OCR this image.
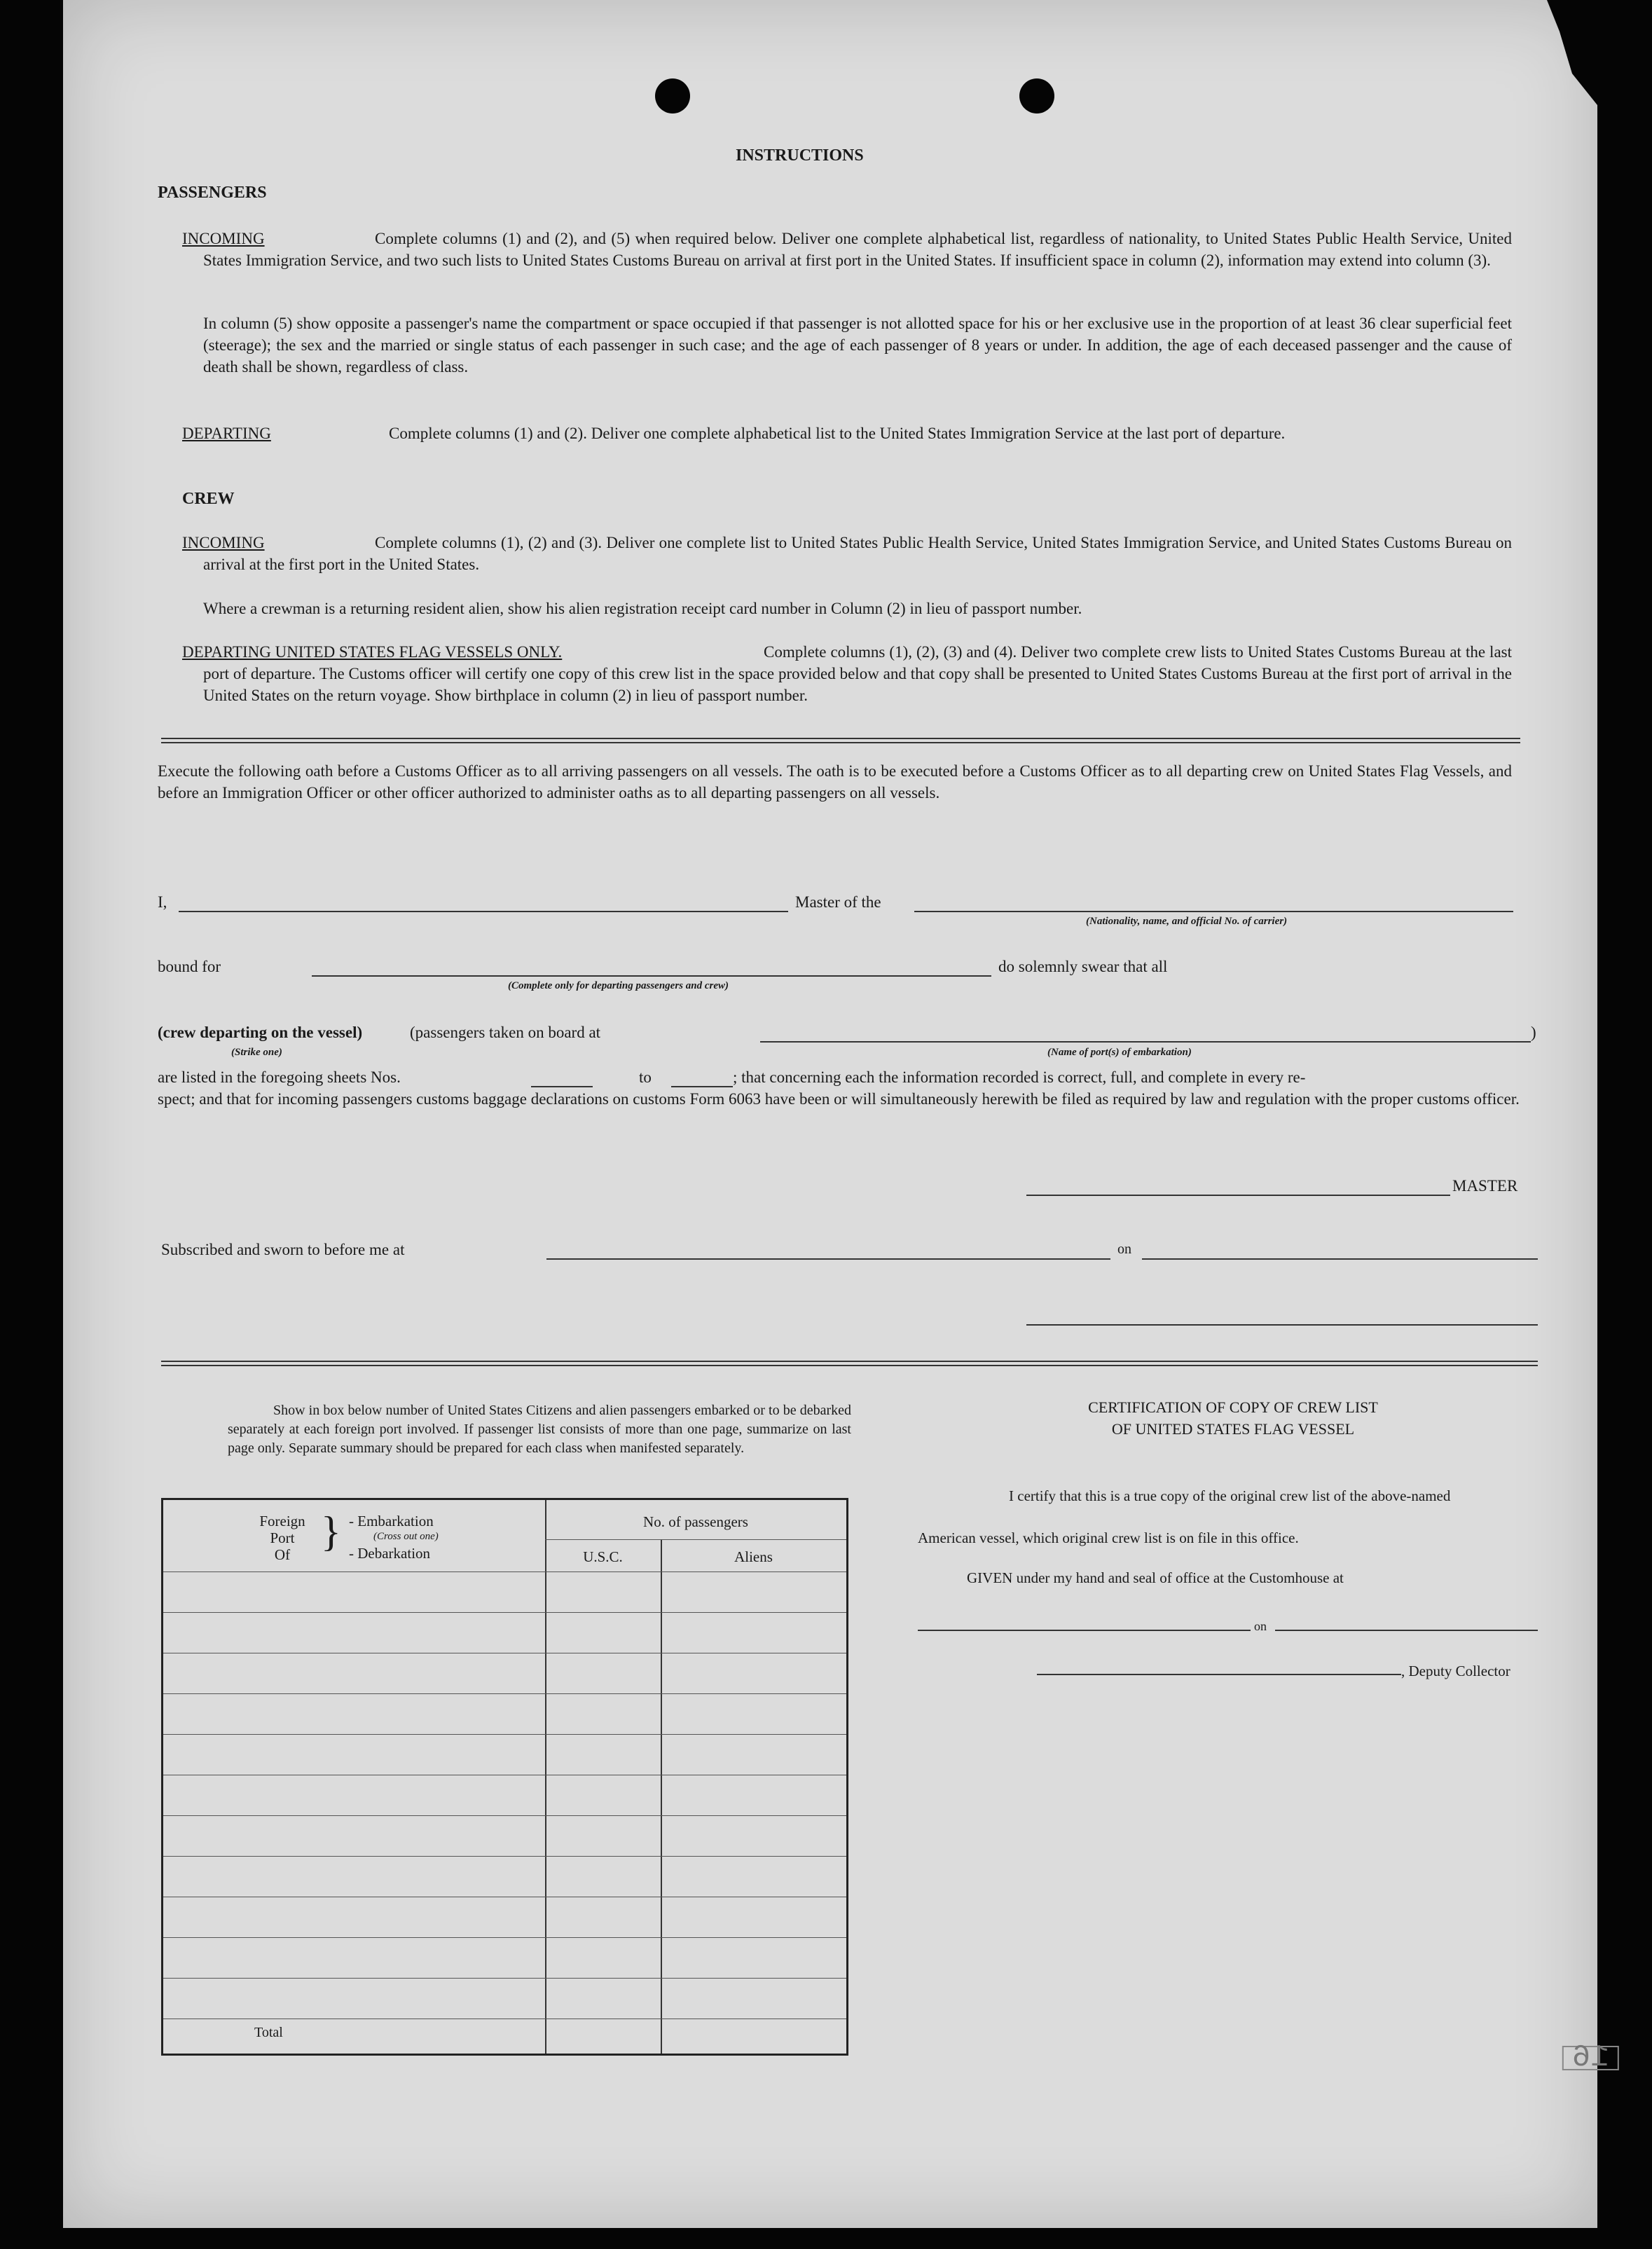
INSTRUCTIONS
PASSENGERS
INCOMING	Complete columns (1) and (2), and (5) when required below. Deliver one complete alphabetical list, regardless of nationality, to United States Public Health Service, United States Immigration Service, and two such lists to United States Customs Bureau on arrival at first port in the United States. If insufficient space in column (2), information may extend into column (3).
In column (5) show opposite a passenger's name the compartment or space occupied if that passenger is not allotted space for his or her exclusive use in the proportion of at least 36 clear superficial feet (steerage); the sex and the married or single status of each passenger in such case; and the age of each passenger of 8 years or under. In addition, the age of each deceased passenger and the cause of death shall be shown, regardless of class.
DEPARTING	Complete columns (1) and (2). Deliver one complete alphabetical list to the United States Immigration Service at the last port of departure.
CREW
INCOMING	Complete columns (1), (2) and (3). Deliver one complete list to United States Public Health Service, United States Immigration Service, and United States Customs Bureau on arrival at the first port in the United States.
Where a crewman is a returning resident alien, show his alien registration receipt card number in Column (2) in lieu of passport number.
DEPARTING UNITED STATES FLAG VESSELS ONLY.	Complete columns (1), (2), (3) and (4). Deliver two complete crew lists to United States Customs Bureau at the last port of departure. The Customs officer will certify one copy of this crew list in the space provided below and that copy shall be presented to United States Customs Bureau at the first port of arrival in the United States on the return voyage. Show birthplace in column (2) in lieu of passport number.
Execute the following oath before a Customs Officer as to all arriving passengers on all vessels. The oath is to be executed before a Customs Officer as to all departing crew on United States Flag Vessels, and before an Immigration Officer or other officer authorized to administer oaths as to all departing passengers on all vessels.
I,	Master of the
(Nationality, name, and official No. of carrier)
bound for
(Complete only for departing passengers and crew)
do solemnly swear that all
(crew departing on the vessel)
(Strike one)
(passengers taken on board at	)
(Name of port(s) of embarkation)
are listed in the foregoing sheets Nos.	to	; that concerning each the information recorded is correct, full, and complete in every re-
spect; and that for incoming passengers customs baggage declarations on customs Form 6063 have been or will simultaneously herewith be filed as required by law and regulation with the proper customs officer.
MASTER
Subscribed and sworn to before me at	on
Show in box below number of United States Citizens and alien passengers embarked or to be debarked separately at each foreign port involved. If passenger list consists of more than one page, summarize on last page only. Separate summary should be prepared for each class when manifested separately.
Foreign
Port
Of } - Embarkation
(Cross out one)
- Debarkation
No. of passengers
U.S.C.	Aliens
Total
CERTIFICATION OF COPY OF CREW LIST
OF UNITED STATES FLAG VESSEL
I certify that this is a true copy of the original crew list of the above-named
American vessel, which original crew list is on file in this office.
GIVEN under my hand and seal of office at the Customhouse at
on
, Deputy Collector
16
